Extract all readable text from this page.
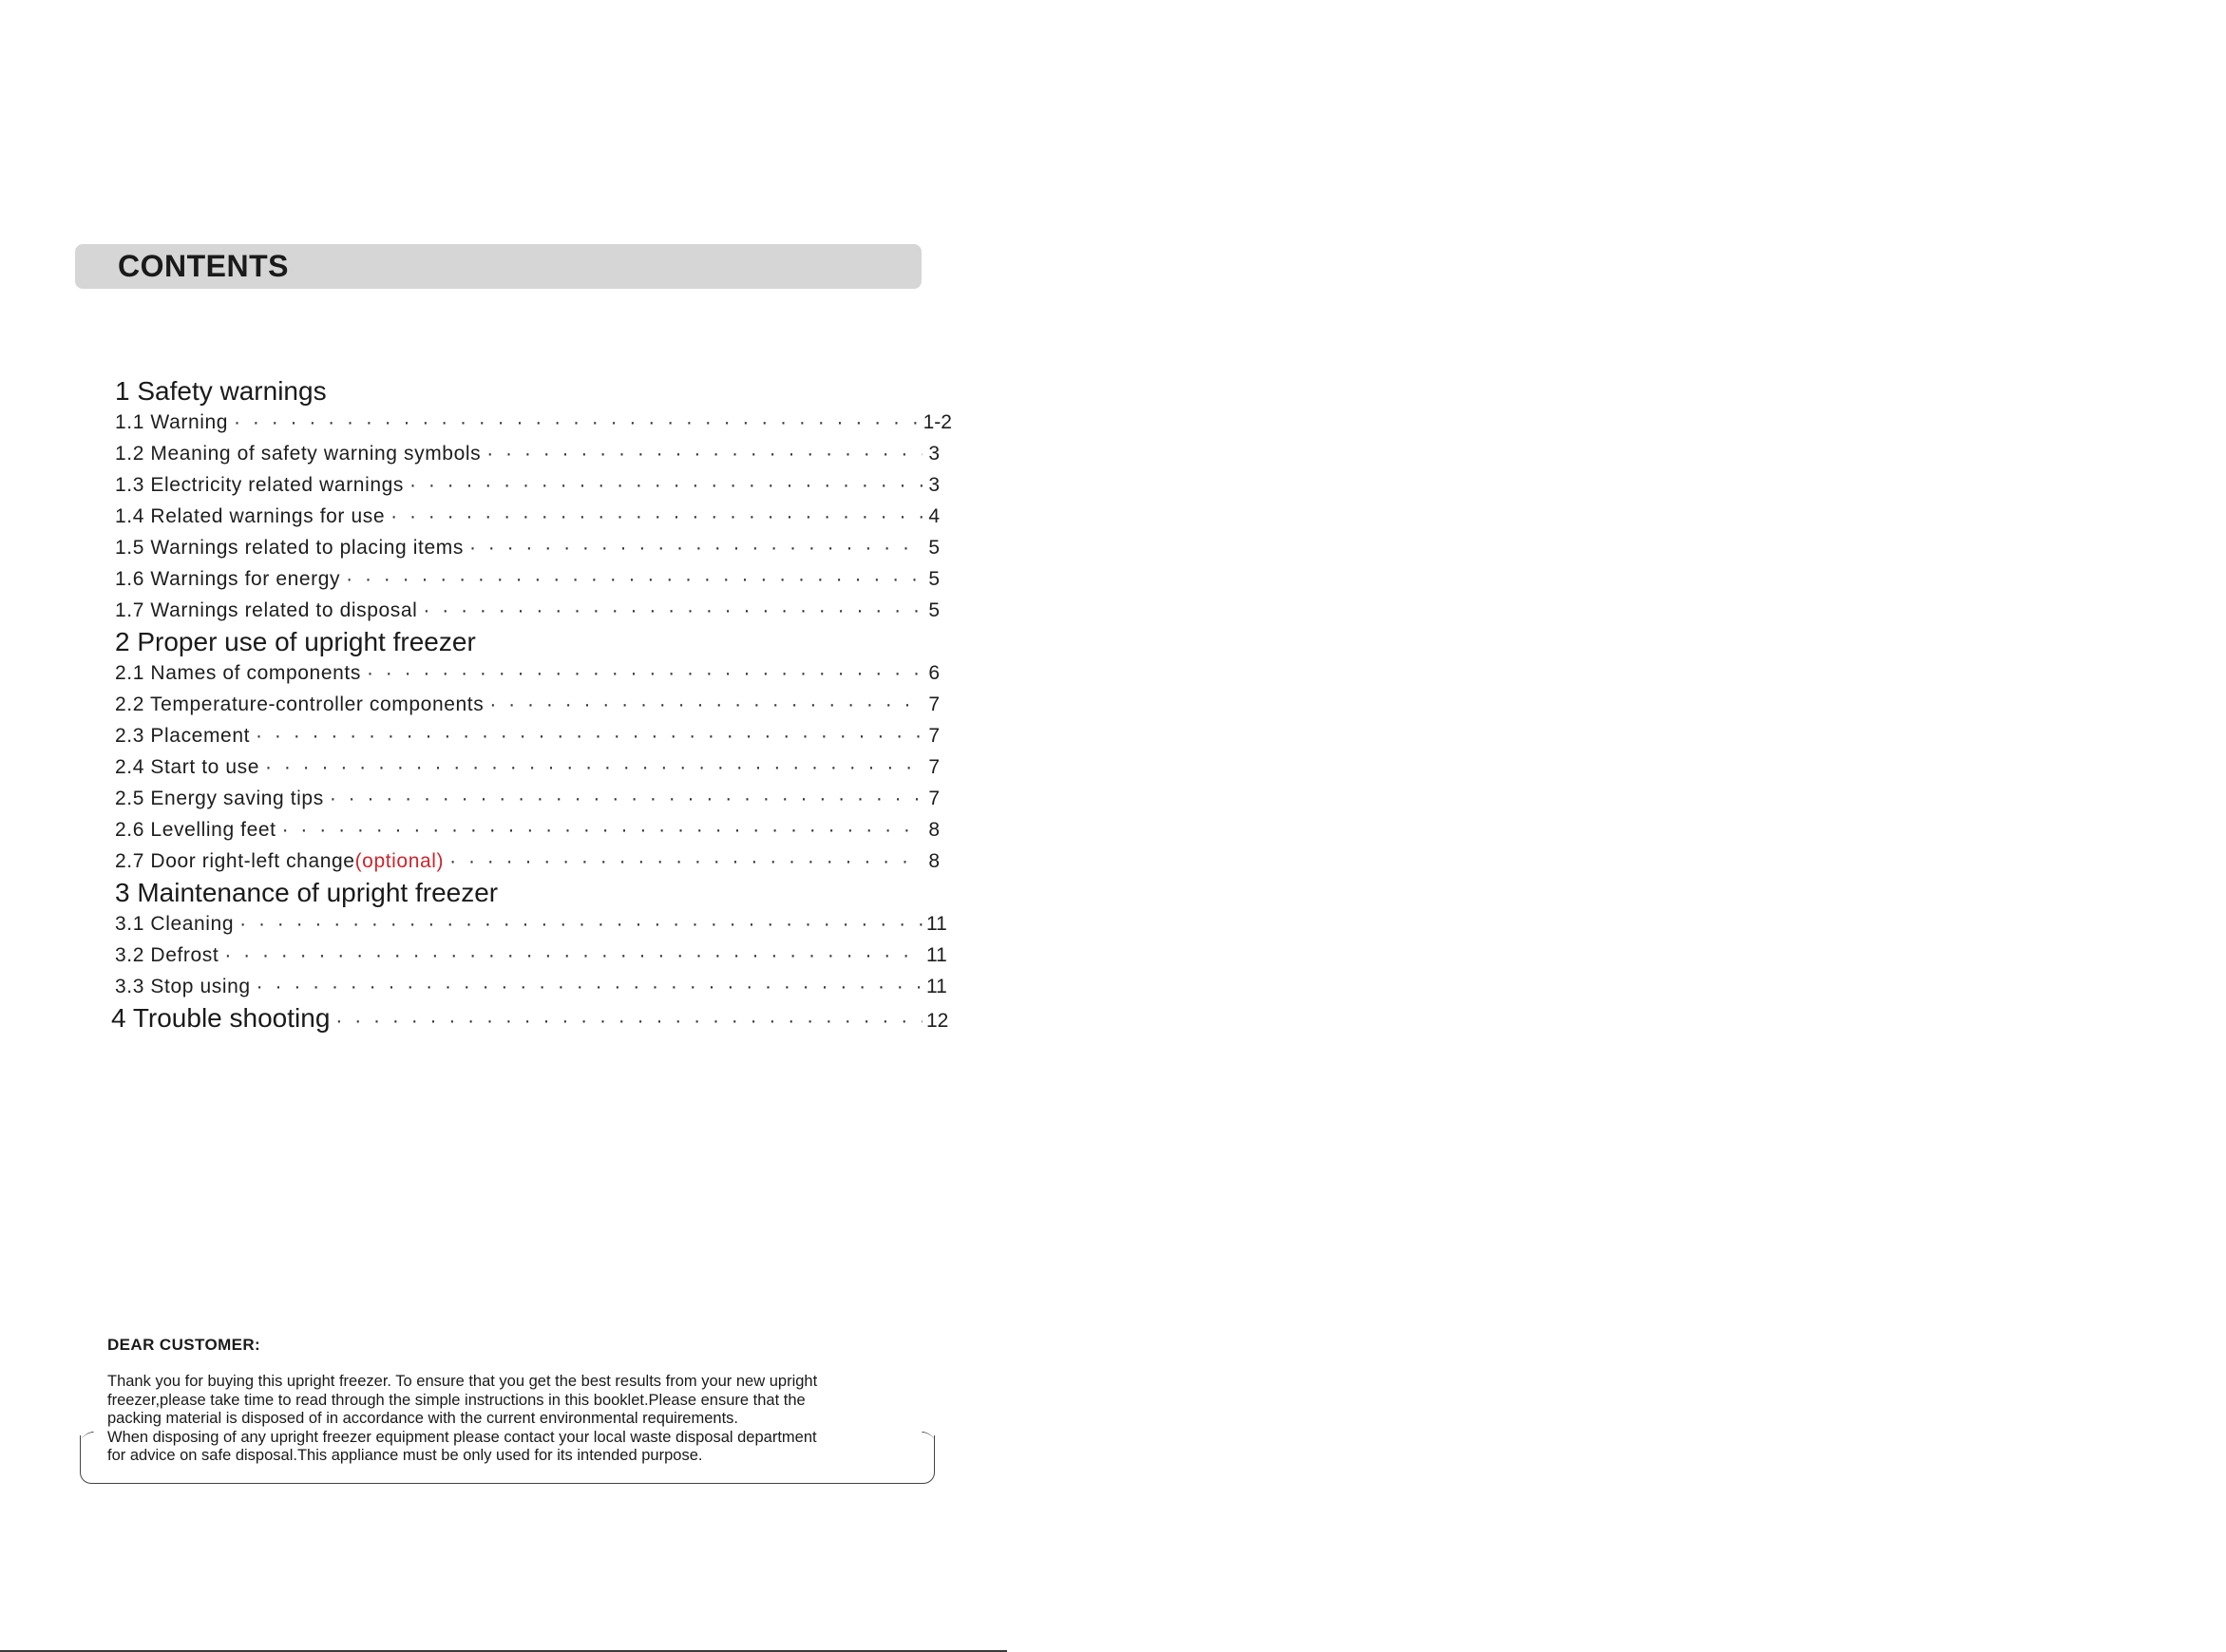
CONTENTS
1 Safety warnings
1.1 Warning · · ·	1-2
1.2 Meaning of safety warning symbols · · ·	3
1.3 Electricity related warnings · · ·	3
1.4 Related warnings for use · · ·	4
1.5 Warnings related to placing items · · ·	5
1.6 Warnings for energy · · ·	5
1.7 Warnings related to disposal · · ·	5
2 Proper use of upright freezer
2.1 Names of components · · ·	6
2.2 Temperature-controller components · · ·	7
2.3 Placement · · ·	7
2.4 Start to use · · ·	7
2.5 Energy saving tips · · ·	7
2.6 Levelling feet · · ·	8
2.7 Door right-left change(optional) · · ·	8
3 Maintenance of upright freezer
3.1 Cleaning · · ·	11
3.2 Defrost · · ·	11
3.3 Stop using · · ·	11
4 Trouble shooting · · ·	12
DEAR CUSTOMER:
Thank you for buying this upright freezer. To ensure that you get the best results from your new upright
freezer,please take time to read through the simple instructions in this booklet.Please ensure that the
packing material is disposed of in accordance with the current environmental requirements.
When disposing of any upright freezer equipment please contact your local waste disposal department
for advice on safe disposal.This appliance must be only used for its intended purpose.
